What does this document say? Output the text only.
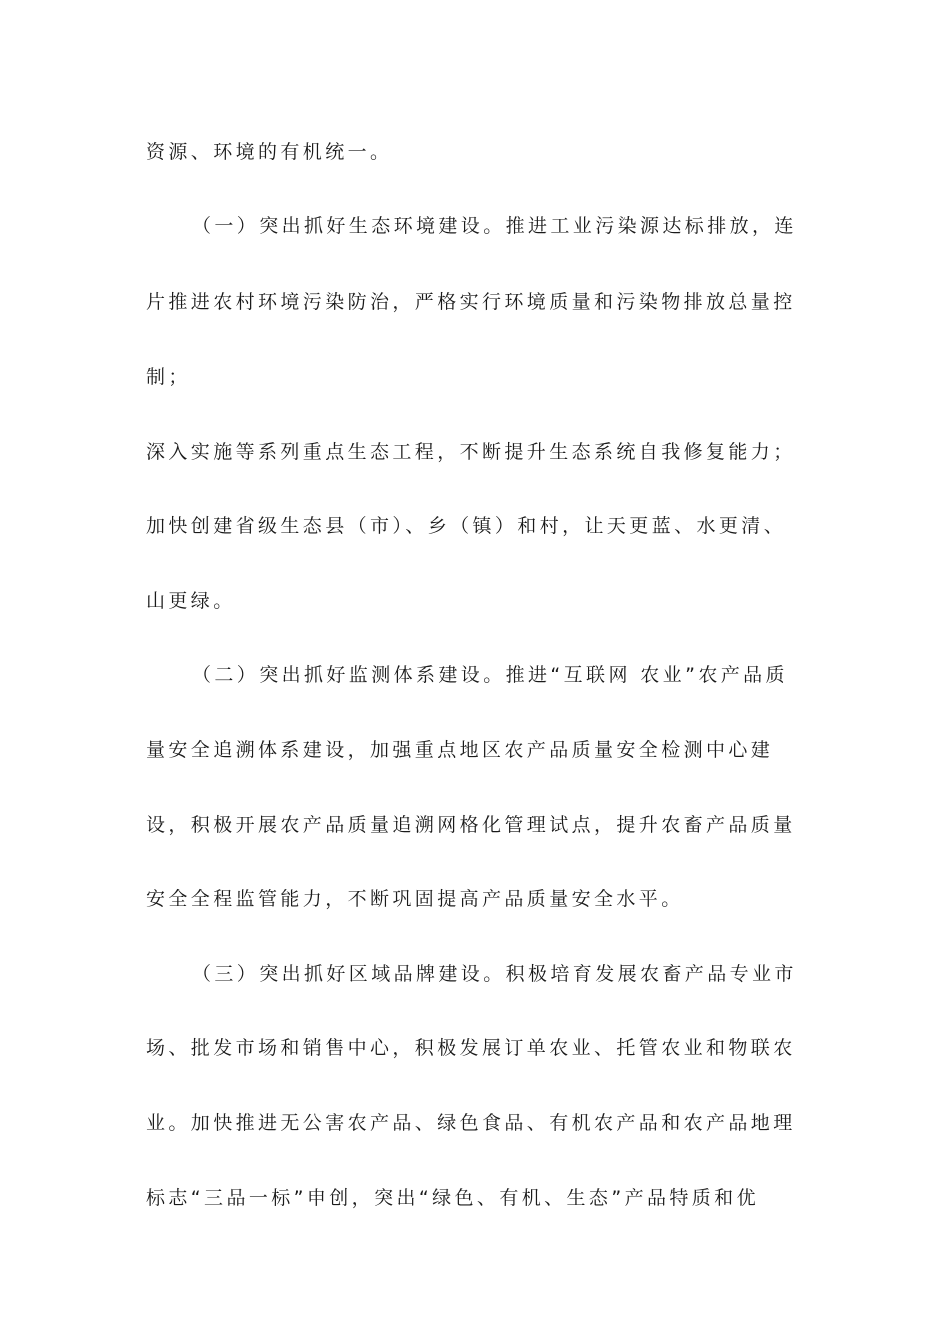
资源、环境的有机统一。
（一）突出抓好生态环境建设。推进工业污染源达标排放，连
片推进农村环境污染防治，严格实行环境质量和污染物排放总量控
制；
深入实施等系列重点生态工程，不断提升生态系统自我修复能力；
加快创建省级生态县（市）、乡（镇）和村，让天更蓝、水更清、
山更绿。
（二）突出抓好监测体系建设。推进“互联网 农业”农产品质
量安全追溯体系建设，加强重点地区农产品质量安全检测中心建
设，积极开展农产品质量追溯网格化管理试点，提升农畜产品质量
安全全程监管能力，不断巩固提高产品质量安全水平。
（三）突出抓好区域品牌建设。积极培育发展农畜产品专业市
场、批发市场和销售中心，积极发展订单农业、托管农业和物联农
业。加快推进无公害农产品、绿色食品、有机农产品和农产品地理
标志“三品一标”申创，突出“绿色、有机、生态”产品特质和优
